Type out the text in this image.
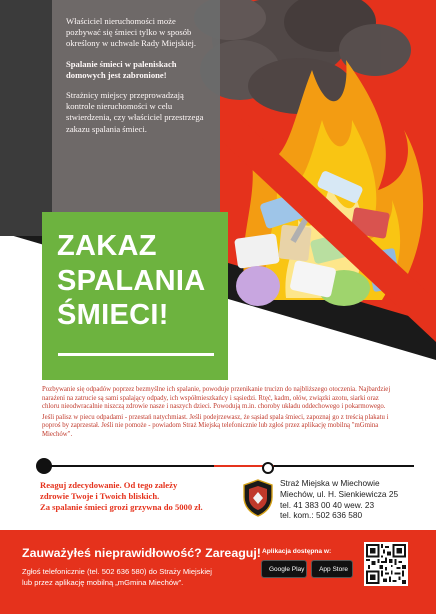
Właściciel nieruchomości może pozbywać się śmieci tylko w sposób określony w uchwale Rady Miejskiej.

Spalanie śmieci w paleniskach domowych jest zabronione!

Strażnicy miejscy przeprowadzają kontrole nieruchomości w celu stwierdzenia, czy właściciel przestrzega zakazu spalania śmieci.

ZAKAZ
SPALANIA
ŚMIECI!

Pozbywanie się odpadów poprzez bezmyślne ich spalanie, powoduje przenikanie trucizn do najbliższego otoczenia. Najbardziej narażeni na zatrucie są sami spalający odpady, ich współmieszkańcy i sąsiedzi. Rtęć, kadm, ołów, związki azotu, siarki oraz chloru nieodwracalnie niszczą zdrowie nasze i naszych dzieci. Powodują m.in. choroby układu oddechowego i pokarmowego.

Jeśli palisz w piecu odpadami - przestań natychmiast. Jeśli podejrzewasz, że sąsiad spala śmieci, zapoznaj go z treścią plakatu i poproś by zaprzestał. Jeśli nie pomoże - powiadom Straż Miejską telefonicznie lub zgłoś przez aplikację mobilną "mGmina Miechów".

Reaguj zdecydowanie. Od tego zależy
zdrowie Twoje i Twoich bliskich.
Za spalanie śmieci grozi grzywna do 5000 zł.
Straż Miejska w Miechowie
Miechów, ul. H. Sienkiewicza 25
tel. 41 383 00 40 wew. 23
tel. kom.: 502 636 580
Zauważyłeś nieprawidłowość? Zareaguj!
Zgłoś telefonicznie (tel. 502 636 580) do Straży Miejskiej
lub przez aplikację mobilną „mGmina Miechów”.
Aplikacja dostępna w:
Google Play App Store
